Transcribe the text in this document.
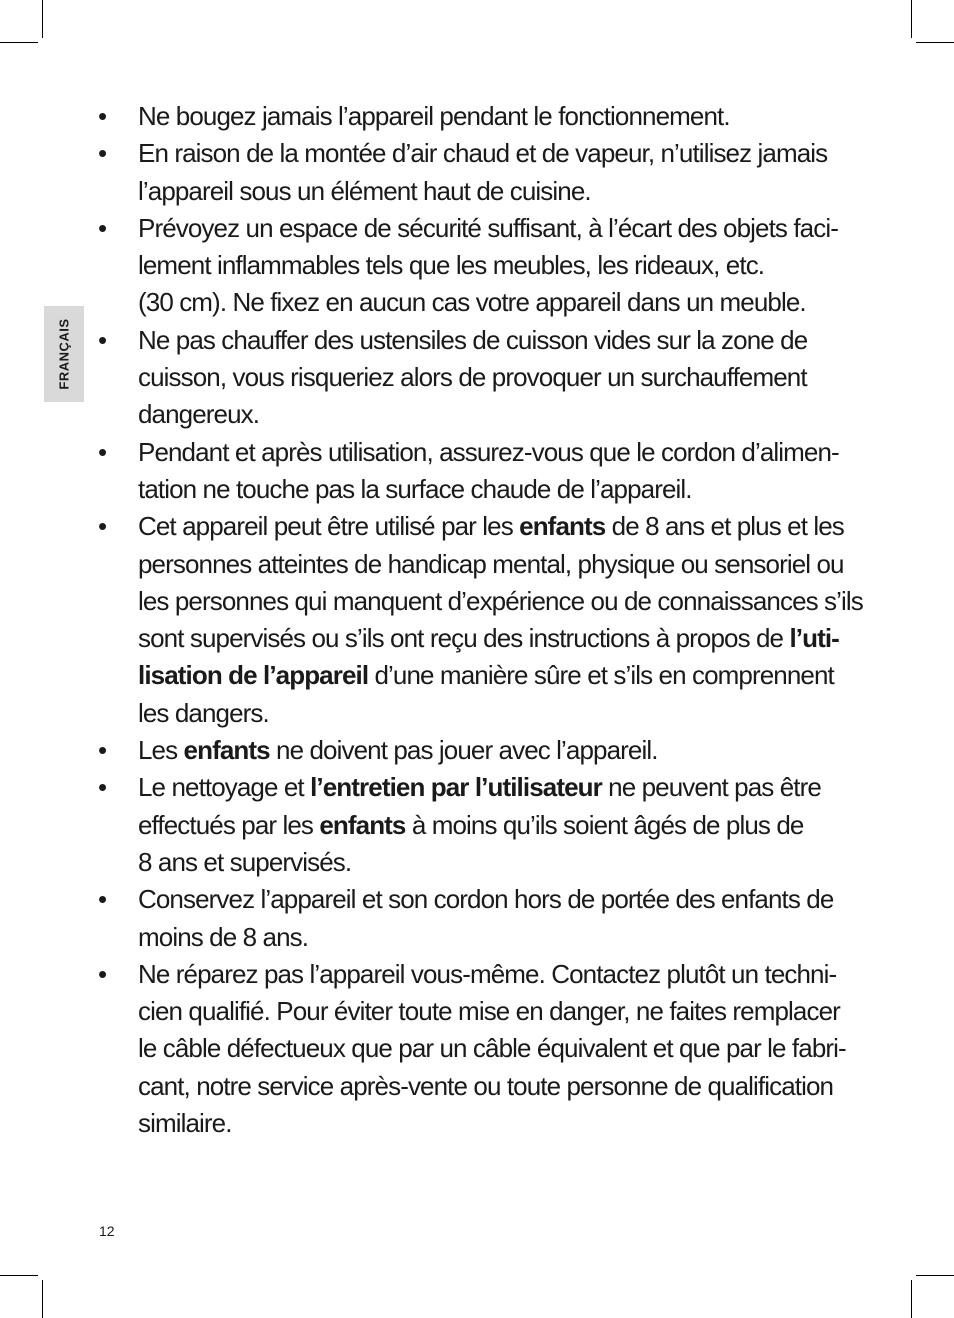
FRANÇAIS
• Ne bougez jamais l’appareil pendant le fonctionnement.
• En raison de la montée d’air chaud et de vapeur, n’utilisez jamais
l’appareil sous un élément haut de cuisine.
• Prévoyez un espace de sécurité suffisant, à l’écart des objets faci-
lement inflammables tels que les meubles, les rideaux, etc.
(30 cm). Ne fixez en aucun cas votre appareil dans un meuble.
• Ne pas chauffer des ustensiles de cuisson vides sur la zone de
cuisson, vous risqueriez alors de provoquer un surchauffement
dangereux.
• Pendant et après utilisation, assurez-vous que le cordon d’alimen-
tation ne touche pas la surface chaude de l’appareil.
• Cet appareil peut être utilisé par les enfants de 8 ans et plus et les
personnes atteintes de handicap mental, physique ou sensoriel ou
les personnes qui manquent d’expérience ou de connaissances s’ils
sont supervisés ou s’ils ont reçu des instructions à propos de l’uti-
lisation de l’appareil d’une manière sûre et s’ils en comprennent
les dangers.
• Les enfants ne doivent pas jouer avec l’appareil.
• Le nettoyage et l’entretien par l’utilisateur ne peuvent pas être
effectués par les enfants à moins qu’ils soient âgés de plus de
8 ans et supervisés.
• Conservez l’appareil et son cordon hors de portée des enfants de
moins de 8 ans.
• Ne réparez pas l’appareil vous-même. Contactez plutôt un techni-
cien qualifié. Pour éviter toute mise en danger, ne faites remplacer
le câble défectueux que par un câble équivalent et que par le fabri-
cant, notre service après-vente ou toute personne de qualification
similaire.
12
